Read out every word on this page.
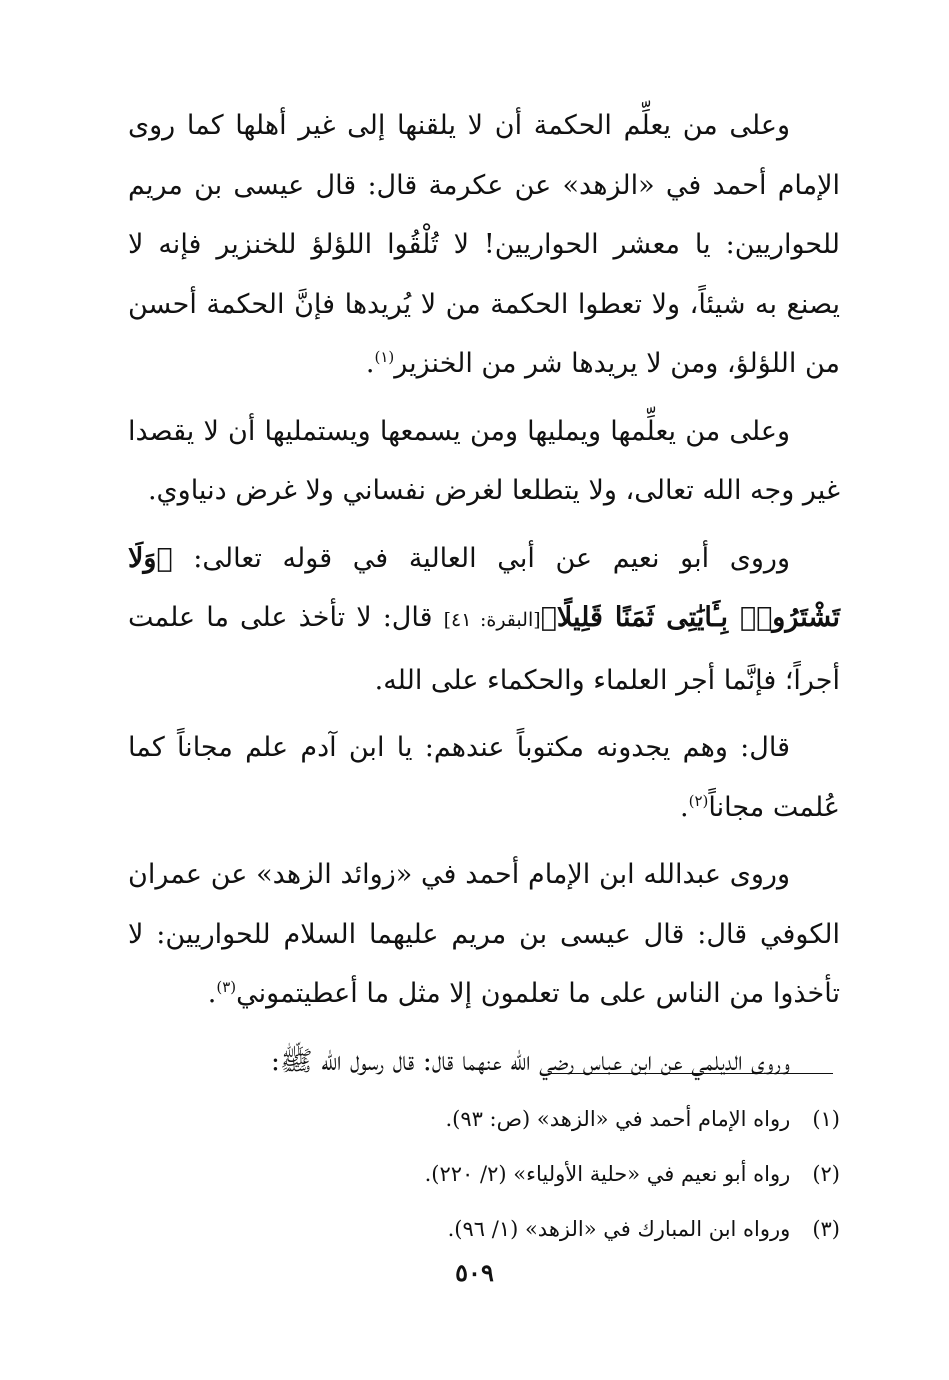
وعلى من يعلِّم الحكمة أن لا يلقنها إلى غير أهلها كما روى الإمام أحمد في «الزهد» عن عكرمة قال: قال عيسى بن مريم للحواريين: يا معشر الحواريين! لا تُلْقُوا اللؤلؤ للخنزير فإنه لا يصنع به شيئاً، ولا تعطوا الحكمة من لا يُريدها فإنَّ الحكمة أحسن من اللؤلؤ، ومن لا يريدها شر من الخنزير$^{(١)}$.

وعلى من يعلِّمها ويمليها ومن يسمعها ويستمليها أن لا يقصدا غير وجه الله تعالى، ولا يتطلعا لغرض نفساني ولا غرض دنياوي.

وروى أبو نعيم عن أبي العالية في قوله تعالى: ﴿وَلَا تَشْتَرُوا۟ بِـَٔايَٰتِى ثَمَنًا قَلِيلًا﴾[البقرة: ٤١] قال: لا تأخذ على ما علمت أجراً؛ فإنَّما أجر العلماء والحكماء على الله.

قال: وهم يجدونه مكتوباً عندهم: يا ابن آدم علم مجاناً كما عُلمت مجاناً$^{(٢)}$.

وروى عبدالله ابن الإمام أحمد في «زوائد الزهد» عن عمران الكوفي قال: قال عيسى بن مريم عليهما السلام للحواريين: لا تأخذوا من الناس على ما تعلمون إلا مثل ما أعطيتموني$^{(٣)}$.

وروى الديلمي عن ابن عباس رضي الله عنهما قال: قال رسول الله ﷺ:

(١)رواه الإمام أحمد في «الزهد» (ص: ٩٣).
(٢)رواه أبو نعيم في «حلية الأولياء» (٢/ ٢٢٠).
(٣)ورواه ابن المبارك في «الزهد» (١/ ٩٦).
٥٠٩
